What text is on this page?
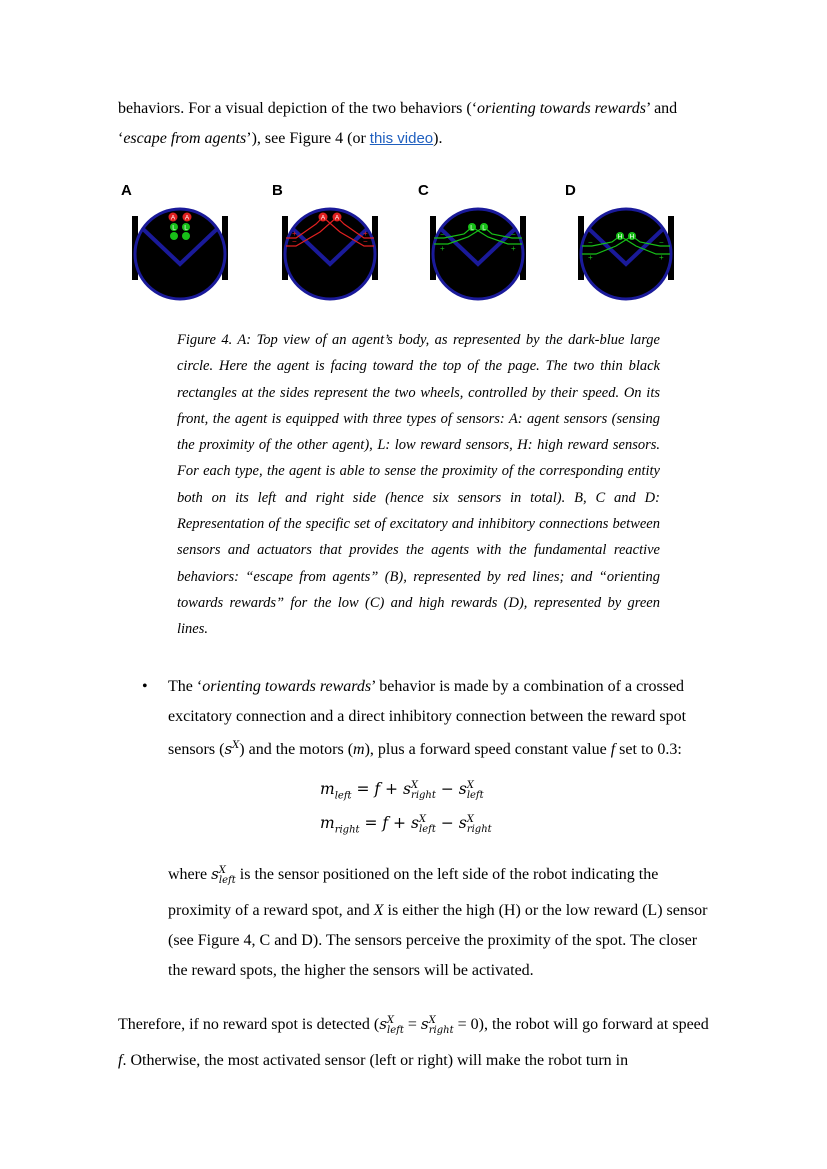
behaviors. For a visual depiction of the two behaviors (‘orienting towards rewards’ and ‘escape from agents’), see Figure 4 (or this video).

A	B	C	D
A A
L L
A A
+
−
+
−
L L
−
+
−
+
H H
−
+
−
+

Figure 4. A: Top view of an agent’s body, as represented by the dark-blue large circle. Here the agent is facing toward the top of the page. The two thin black rectangles at the sides represent the two wheels, controlled by their speed. On its front, the agent is equipped with three types of sensors: A: agent sensors (sensing the proximity of the other agent), L: low reward sensors, H: high reward sensors. For each type, the agent is able to sense the proximity of the corresponding entity both on its left and right side (hence six sensors in total). B, C and D: Representation of the specific set of excitatory and inhibitory connections between sensors and actuators that provides the agents with the fundamental reactive behaviors: “escape from agents” (B), represented by red lines; and “orienting towards rewards” for the low (C) and high rewards (D), represented by green lines.

• The ‘orienting towards rewards’ behavior is made by a combination of a crossed excitatory connection and a direct inhibitory connection between the reward spot sensors $(s^X)$ and the motors (m), plus a forward speed constant value f set to 0.3:

$m_{left} = f + s^X_{right} - s^X_{left}$
$m_{right} = f + s^X_{left} - s^X_{right}$

where $s^X_{left}$ is the sensor positioned on the left side of the robot indicating the proximity of a reward spot, and X is either the high (H) or the low reward (L) sensor (see Figure 4, C and D). The sensors perceive the proximity of the spot. The closer the reward spots, the higher the sensors will be activated.

Therefore, if no reward spot is detected $(s^X_{left} = s^X_{right} = 0)$, the robot will go forward at speed f. Otherwise, the most activated sensor (left or right) will make the robot turn in
